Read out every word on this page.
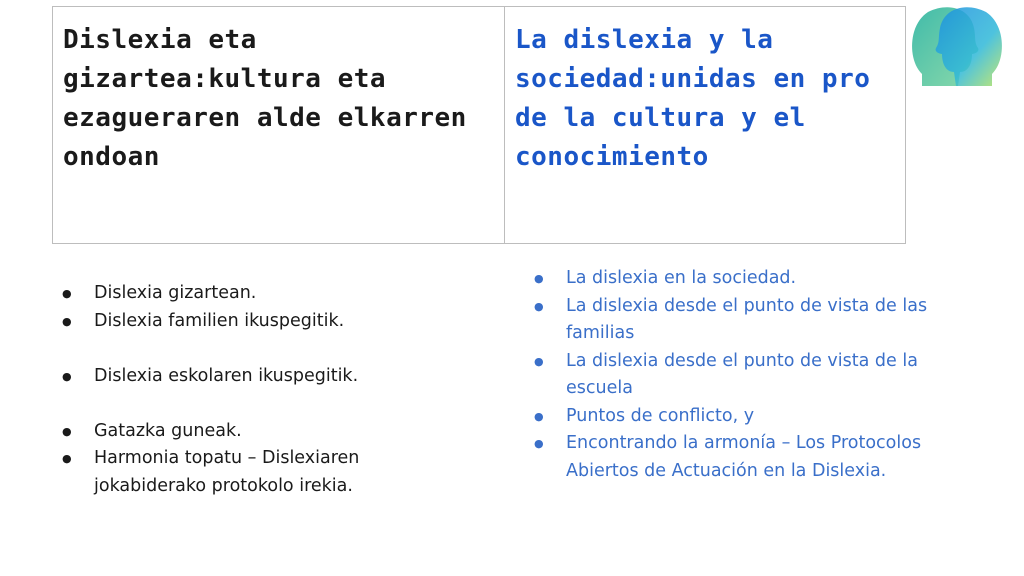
Dislexia eta gizartea:kultura eta ezagueraren alde elkarren ondoan
La dislexia y la sociedad:unidas en pro de la cultura y el conocimiento
● Dislexia gizartean.
● Dislexia familien ikuspegitik.
● Dislexia eskolaren ikuspegitik.
● Gatazka guneak.
● Harmonia topatu – Dislexiaren jokabiderako protokolo irekia.
● La dislexia en la sociedad.
● La dislexia desde el punto de vista de las familias
● La dislexia desde el punto de vista de la escuela
● Puntos de conflicto, y
● Encontrando la armonía – Los Protocolos Abiertos de Actuación en la Dislexia.
